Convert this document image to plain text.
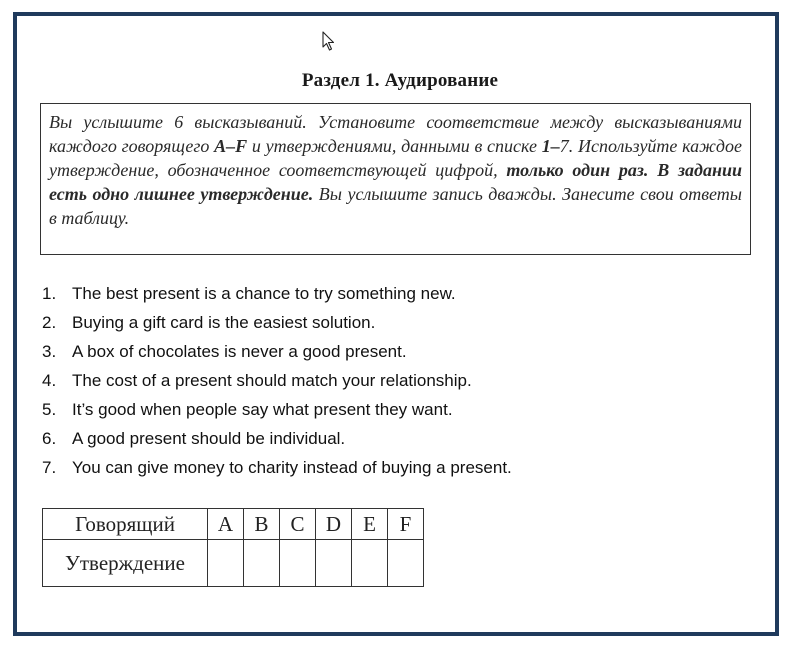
Раздел 1. Аудирование
Вы услышите 6 высказываний. Установите соответствие между высказываниями каждого говорящего A–F и утверждениями, данными в списке 1–7. Используйте каждое утверждение, обозначенное соответствующей цифрой, только один раз. В задании есть одно лишнее утверждение. Вы услышите запись дважды. Занесите свои ответы в таблицу.
1. The best present is a chance to try something new.
2. Buying a gift card is the easiest solution.
3. A box of chocolates is never a good present.
4. The cost of a present should match your relationship.
5. It’s good when people say what present they want.
6. A good present should be individual.
7. You can give money to charity instead of buying a present.
Говорящий	A	B	C	D	E	F
Утверждение						
